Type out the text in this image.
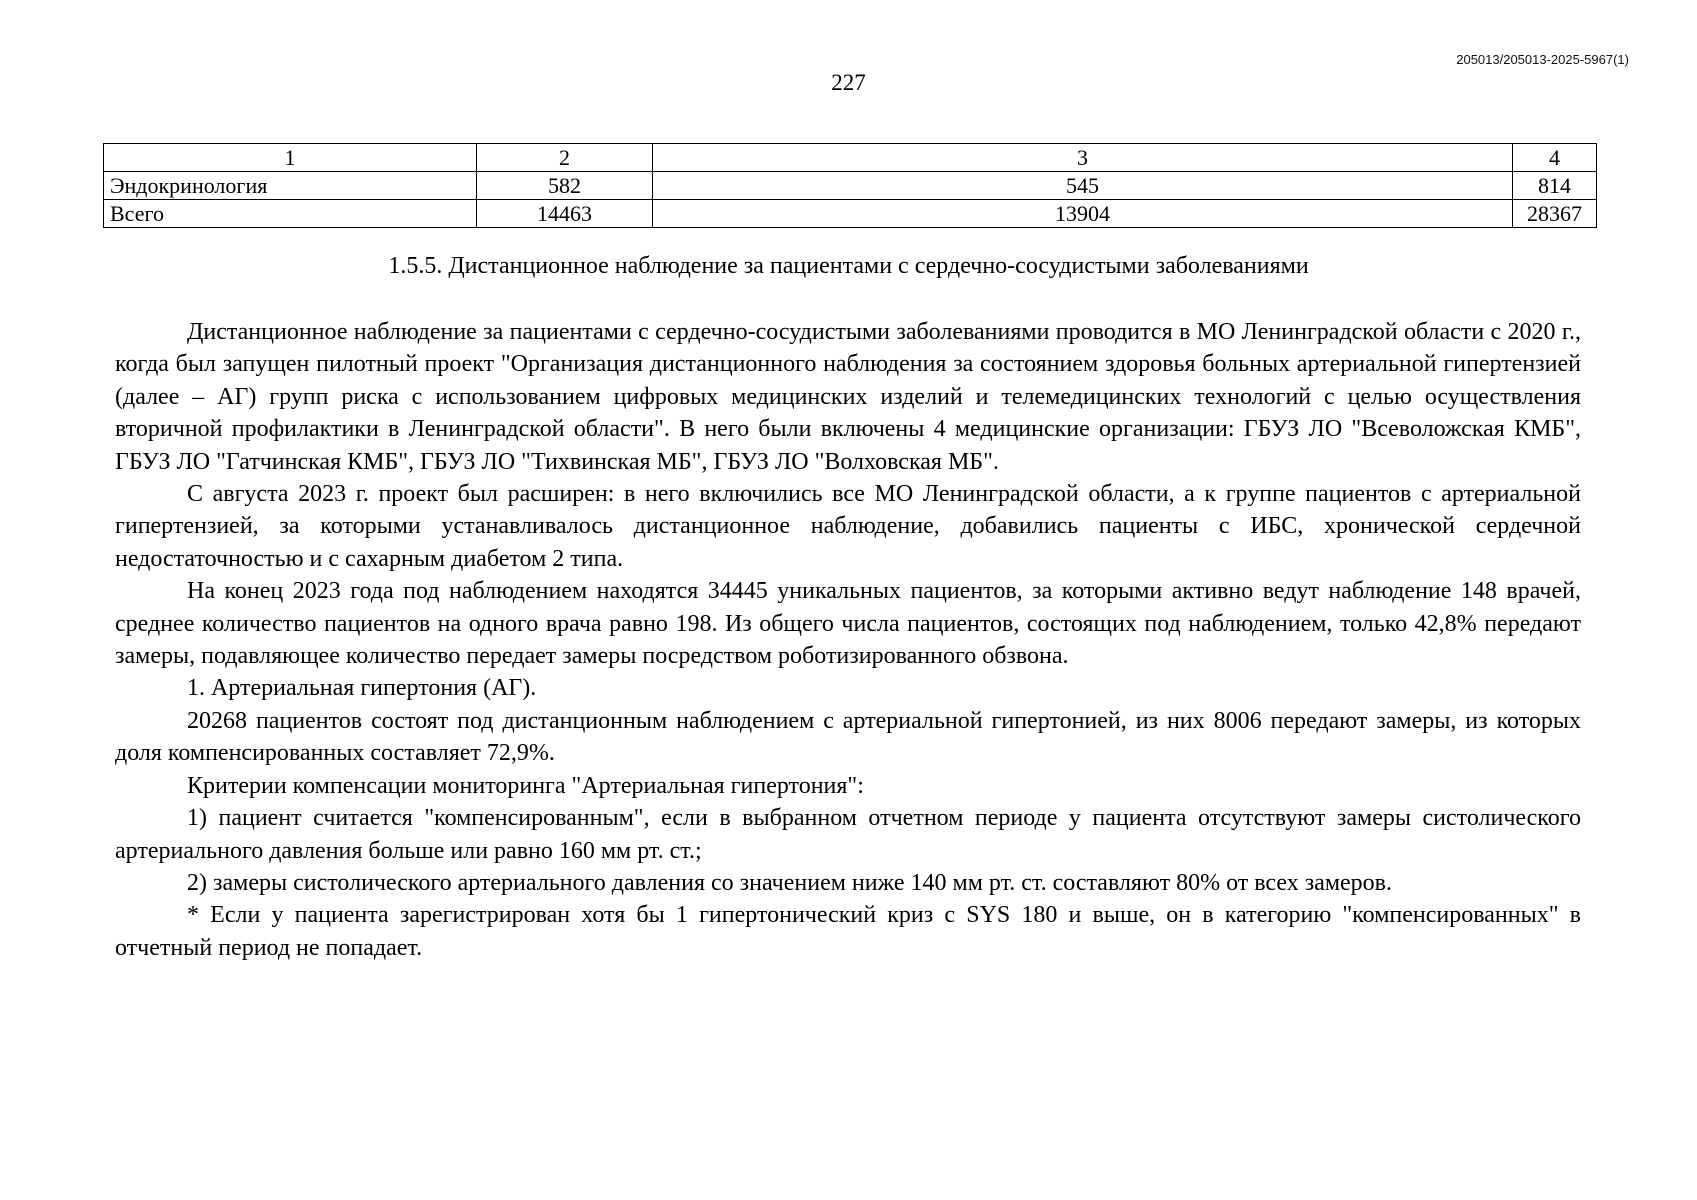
205013/205013-2025-5967(1)
227
1	2	3	4
Эндокринология	582	545	814
Всего	14463	13904	28367
1.5.5. Дистанционное наблюдение за пациентами с сердечно-сосудистыми заболеваниями

Дистанционное наблюдение за пациентами с сердечно-сосудистыми заболеваниями проводится в МО Ленинградской области с 2020 г., когда был запущен пилотный проект "Организация дистанционного наблюдения за состоянием здоровья больных артериальной гипертензией (далее – АГ) групп риска с использованием цифровых медицинских изделий и телемедицинских технологий с целью осуществления вторичной профилактики в Ленинградской области". В него были включены 4 медицинские организации: ГБУЗ ЛО "Всеволожская КМБ", ГБУЗ ЛО "Гатчинская КМБ", ГБУЗ ЛО "Тихвинская МБ", ГБУЗ ЛО "Волховская МБ".

С августа 2023 г. проект был расширен: в него включились все МО Ленинградской области, а к группе пациентов с артериальной гипертензией, за которыми устанавливалось дистанционное наблюдение, добавились пациенты с ИБС, хронической сердечной недостаточностью и с сахарным диабетом 2 типа.

На конец 2023 года под наблюдением находятся 34445 уникальных пациентов, за которыми активно ведут наблюдение 148 врачей, среднее количество пациентов на одного врача равно 198. Из общего числа пациентов, состоящих под наблюдением, только 42,8% передают замеры, подавляющее количество передает замеры посредством роботизированного обзвона.

1. Артериальная гипертония (АГ).

20268 пациентов состоят под дистанционным наблюдением с артериальной гипертонией, из них 8006 передают замеры, из которых доля компенсированных составляет 72,9%.

Критерии компенсации мониторинга "Артериальная гипертония":

1) пациент считается "компенсированным", если в выбранном отчетном периоде у пациента отсутствуют замеры систолического артериального давления больше или равно 160 мм рт. ст.;

2) замеры систолического артериального давления со значением ниже 140 мм рт. ст. составляют 80% от всех замеров.

* Если у пациента зарегистрирован хотя бы 1 гипертонический криз с SYS 180 и выше, он в категорию "компенсированных" в отчетный период не попадает.
